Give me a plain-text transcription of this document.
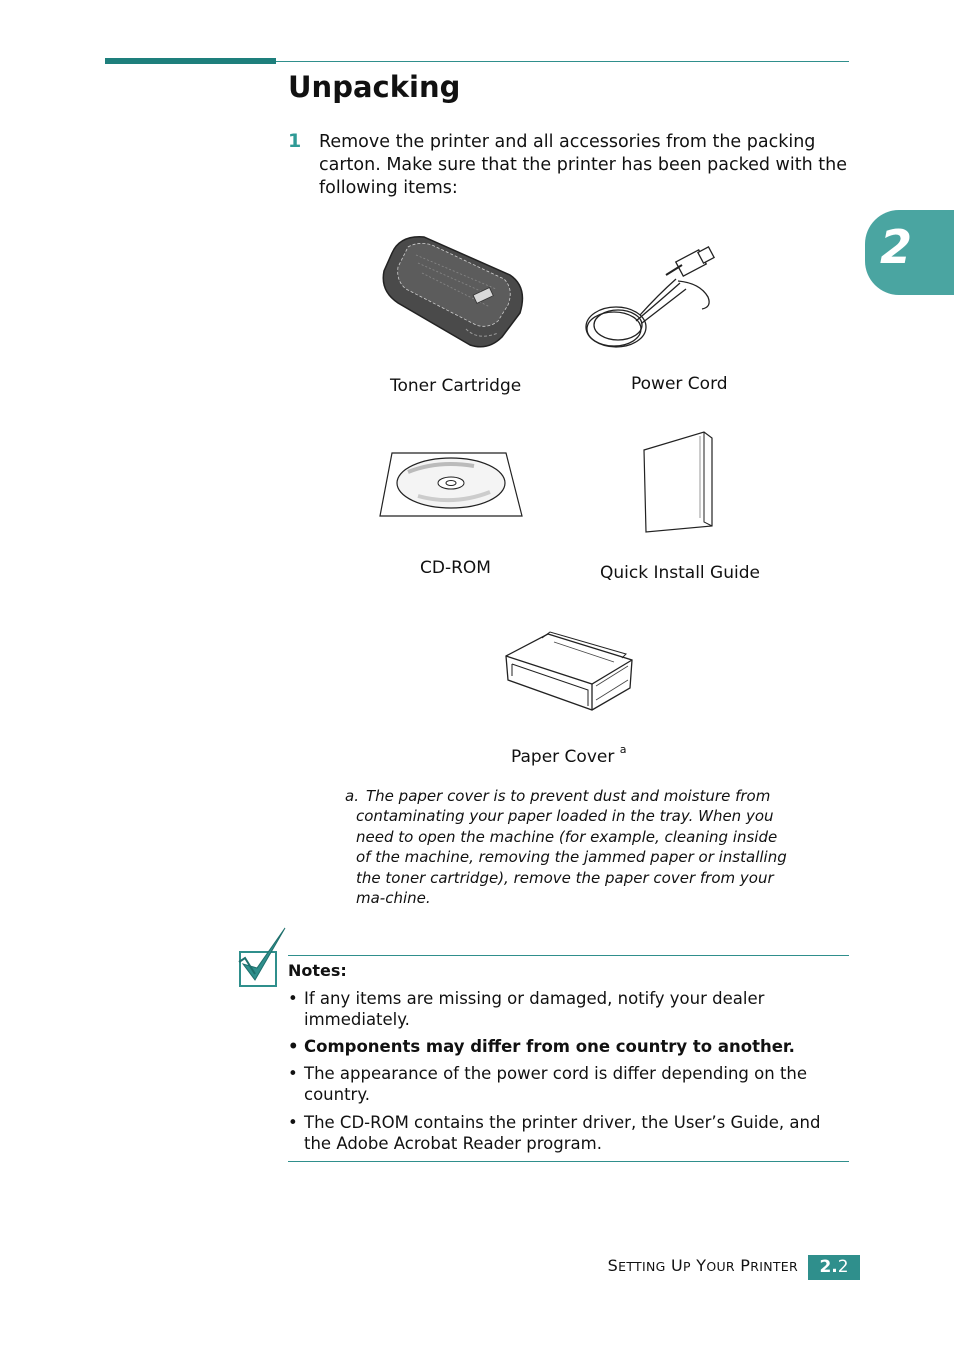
Unpacking
2
1 Remove the printer and all accessories from the packing carton. Make sure that the printer has been packed with the following items:
Toner Cartridge	Power Cord
CD-ROM	Quick Install Guide
Paper Cover $^a$
a. The paper cover is to prevent dust and moisture from contaminating your paper loaded in the tray. When you need to open the machine (for example, cleaning inside of the machine, removing the jammed paper or installing the toner cartridge), remove the paper cover from your ma-chine.
Notes:
• If any items are missing or damaged, notify your dealer immediately.
• Components may differ from one country to another.
• The appearance of the power cord is differ depending on the country.
• The CD-ROM contains the printer driver, the User’s Guide, and the Adobe Acrobat Reader program.
SETTING UP YOUR PRINTER	2.2
